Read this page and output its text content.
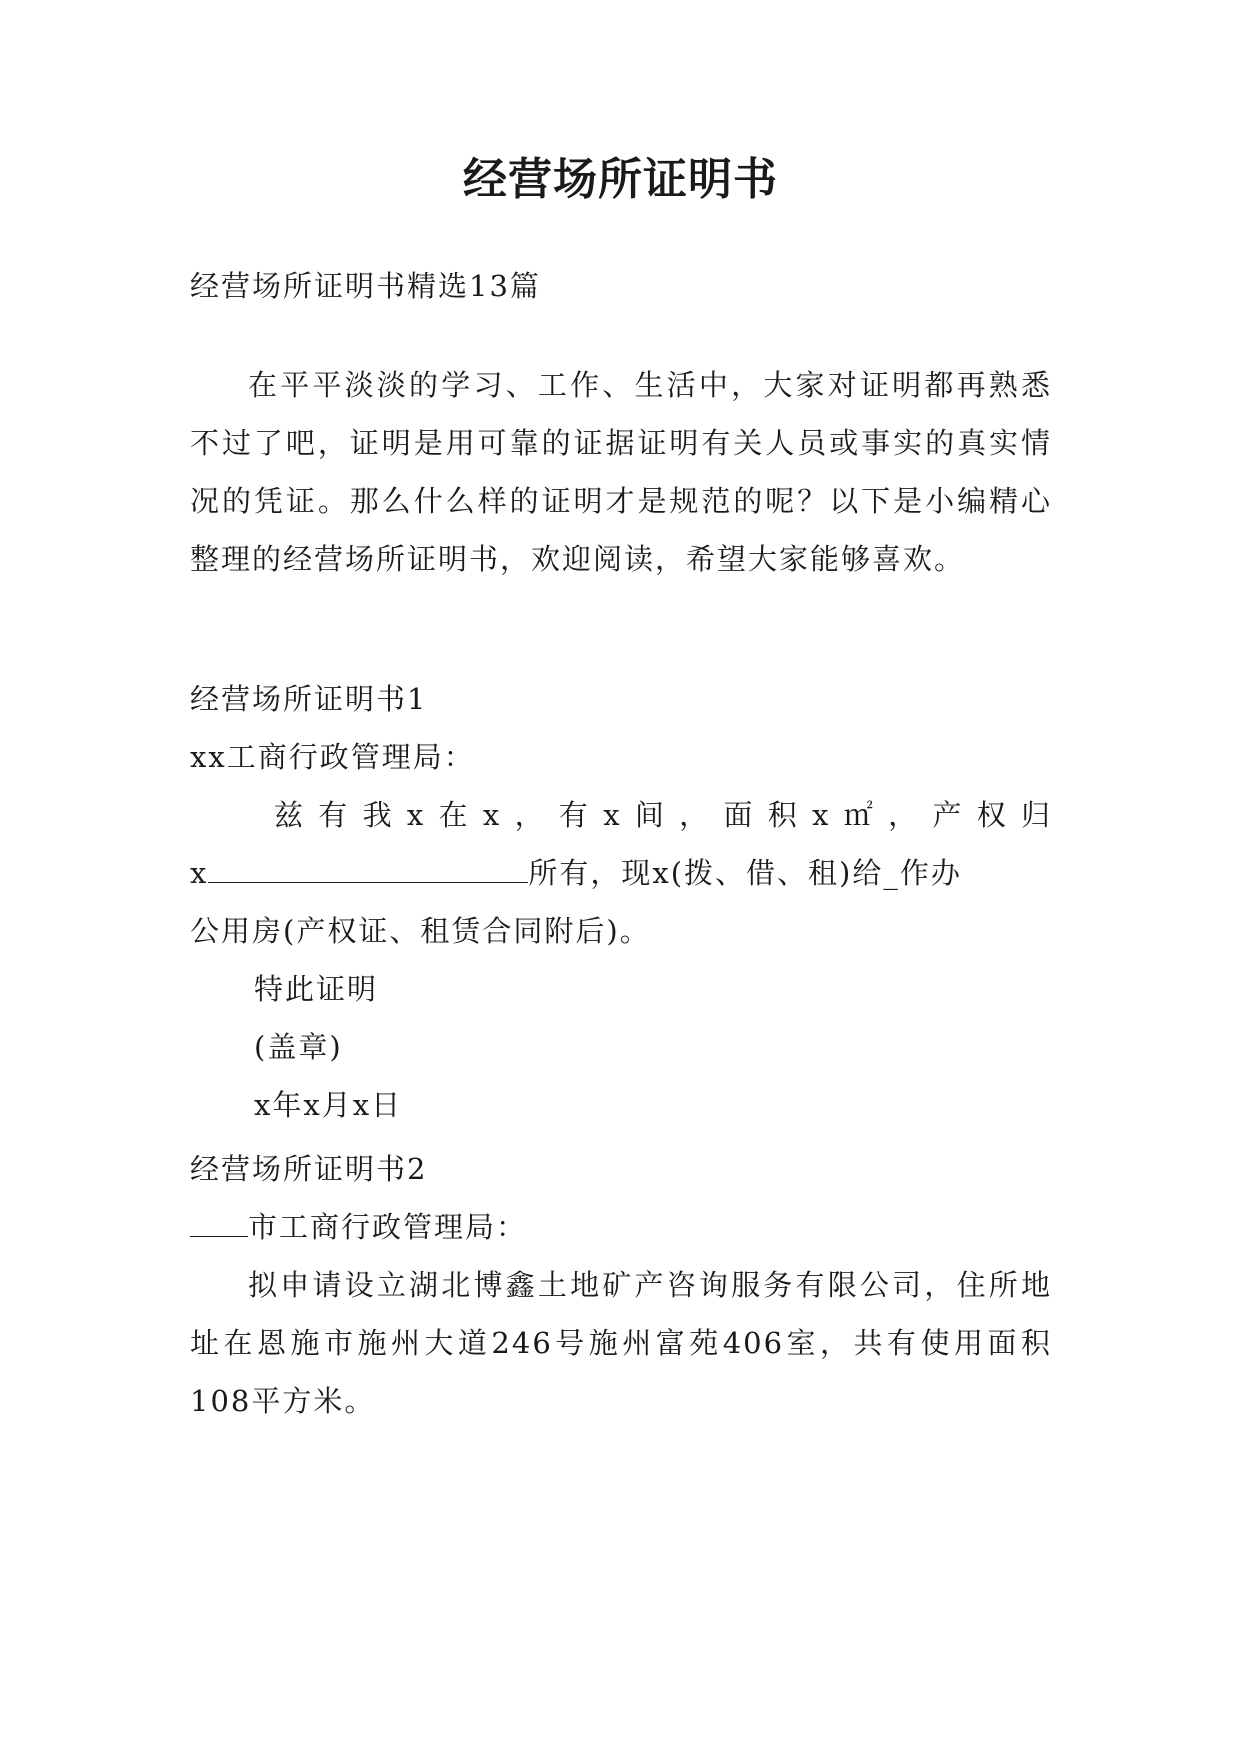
经营场所证明书
经营场所证明书精选13篇
在平平淡淡的学习、工作、生活中，大家对证明都再熟悉不过了吧，证明是用可靠的证据证明有关人员或事实的真实情况的凭证。那么什么样的证明才是规范的呢？以下是小编精心整理的经营场所证明书，欢迎阅读，希望大家能够喜欢。
经营场所证明书1
xx工商行政管理局：
兹有我x在x，有x间，面积x㎡，产权归
x	所有，现x(拨、借、租)给_作办
公用房(产权证、租赁合同附后)。
特此证明
(盖章)
x年x月x日
经营场所证明书2
市工商行政管理局：
拟申请设立湖北博鑫土地矿产咨询服务有限公司，住所地址在恩施市施州大道246号施州富苑406室，共有使用面积108平方米。
